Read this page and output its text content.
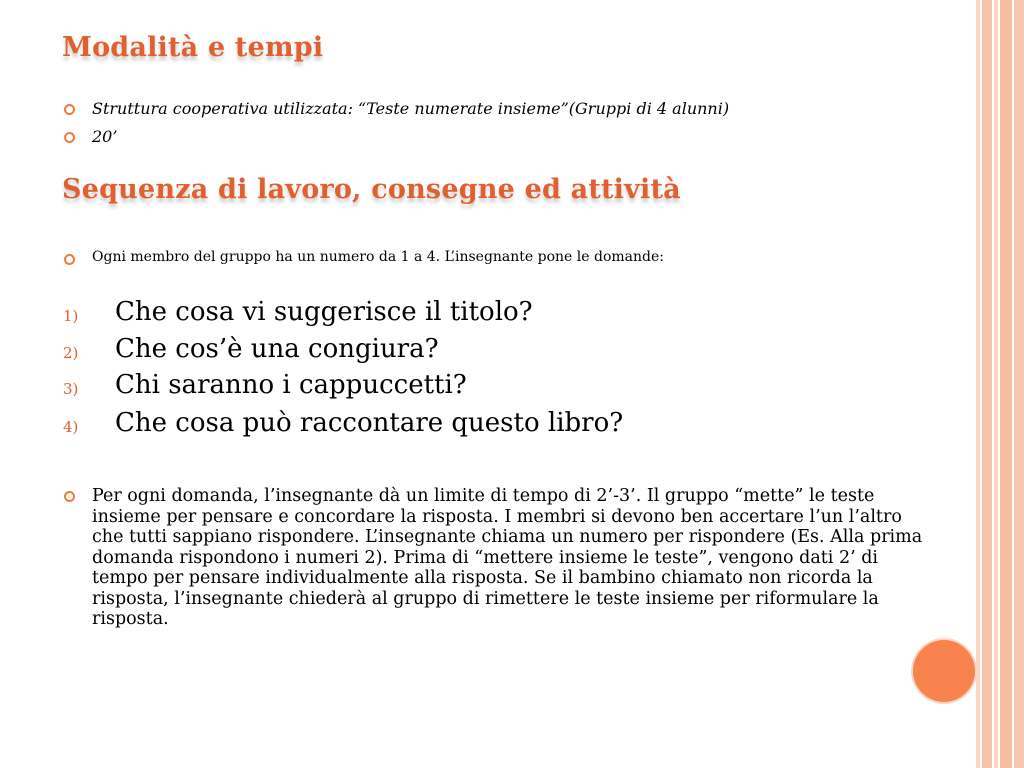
Modalità e tempi
Struttura cooperativa utilizzata: “Teste numerate insieme”(Gruppi di 4 alunni)
20’
Sequenza di lavoro, consegne ed attività
Ogni membro del gruppo ha un numero da 1 a 4. L’insegnante pone le domande:
1) Che cosa vi suggerisce il titolo?
2) Che cos’è una congiura?
3) Chi saranno i cappuccetti?
4) Che cosa può raccontare questo libro?
Per ogni domanda, l’insegnante dà un limite di tempo di 2’-3’. Il gruppo “mette” le teste insieme per pensare e concordare la risposta. I membri si devono ben accertare l’un l’altro che tutti sappiano rispondere. L’insegnante chiama un numero per rispondere (Es. Alla prima domanda rispondono i numeri 2). Prima di “mettere insieme le teste”, vengono dati 2’ di tempo per pensare individualmente alla risposta. Se il bambino chiamato non ricorda la risposta, l’insegnante chiederà al gruppo di rimettere le teste insieme per riformulare la risposta.
